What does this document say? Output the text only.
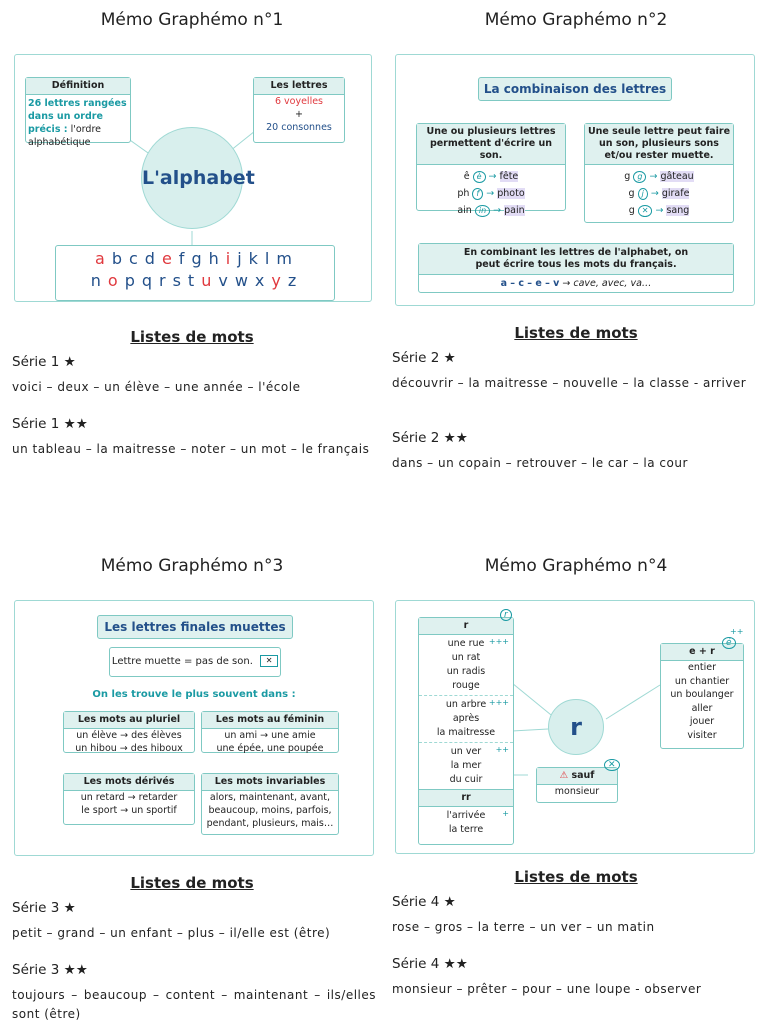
Mémo Graphémo n°1
Définition
26 lettres rangées dans un ordre précis : l'ordre alphabétique
Les lettres
6 voyelles
+
20 consonnes
L'alphabet
a b c d e f g h i j k l m
n o p q r s t u v w x y z
Listes de mots
Série 1 ★
voici – deux – un élève – une année – l'école
Série 1 ★★
un tableau – la maitresse – noter – un mot – le français
Mémo Graphémo n°2
La combinaison des lettres
Une ou plusieurs lettres permettent d'écrire un son.
ê è → fête
ph f → photo
ain in → pain
Une seule lettre peut faire un son, plusieurs sons et/ou rester muette.
g g → gâteau
g j → girafe
g ✕ → sang
En combinant les lettres de l'alphabet, on peut écrire tous les mots du français.
a – c – e – v → cave, avec, va…
Listes de mots
Série 2 ★
découvrir – la maitresse – nouvelle – la classe - arriver
Série 2 ★★
dans – un copain – retrouver – le car – la cour
Mémo Graphémo n°3
Les lettres finales muettes
Lettre muette = pas de son. ✕
On les trouve le plus souvent dans :
Les mots au pluriel
un élève → des élèves
un hibou → des hiboux
Les mots au féminin
un ami → une amie
une épée, une poupée
Les mots dérivés
un retard → retarder
le sport → un sportif
Les mots invariables
alors, maintenant, avant,
beaucoup, moins, parfois,
pendant, plusieurs, mais…
Listes de mots
Série 3 ★
petit – grand – un enfant – plus – il/elle est (être)
Série 3 ★★
toujours – beaucoup – content – maintenant – ils/elles sont (être)
Mémo Graphémo n°4
r
+++
une rue
un rat
un radis
rouge
+++
un arbre
après
la maitresse
++
un ver
la mer
du cuir
rr
+
l'arrivée
la terre
r
r
e + r
entier
un chantier
un boulanger
aller
jouer
visiter
++
é
⚠ sauf
monsieur
✕
Listes de mots
Série 4 ★
rose – gros – la terre – un ver – un matin
Série 4 ★★
monsieur – prêter – pour – une loupe - observer
